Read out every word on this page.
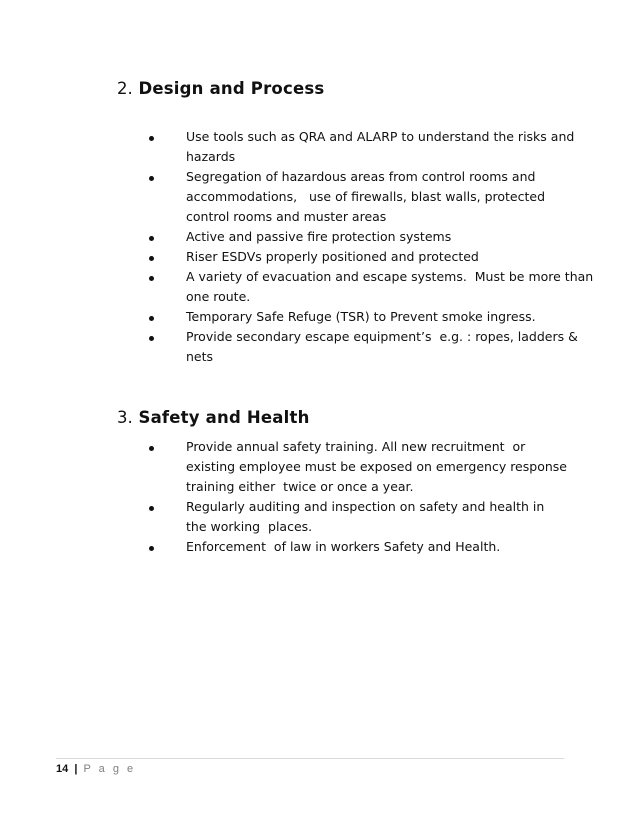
2. Design and Process
Use tools such as QRA and ALARP to understand the risks and
hazards
Segregation of hazardous areas from control rooms and
accommodations,   use of firewalls, blast walls, protected
control rooms and muster areas
Active and passive fire protection systems
Riser ESDVs properly positioned and protected
A variety of evacuation and escape systems.  Must be more than
one route.
Temporary Safe Refuge (TSR) to Prevent smoke ingress.
Provide secondary escape equipment’s  e.g. : ropes, ladders &
nets
3. Safety and Health
Provide annual safety training. All new recruitment  or
existing employee must be exposed on emergency response
training either  twice or once a year.
Regularly auditing and inspection on safety and health in
the working  places.
Enforcement  of law in workers Safety and Health.
14 | P a g e
